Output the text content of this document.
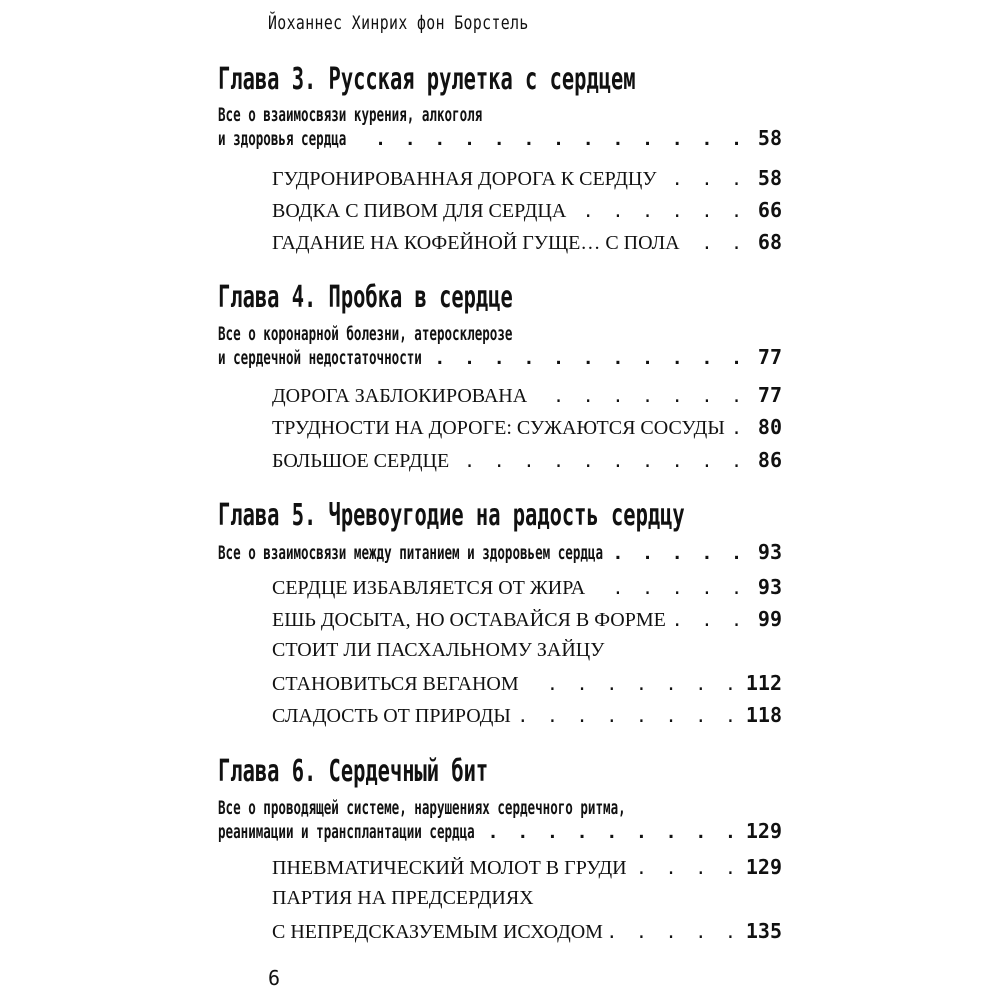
Йоханнес Хинрих фон Борстель
Глава 3. Русская рулетка с сердцем
Все о взаимосвязи курения, алкоголя
и здоровья сердца . . .	58
ГУДРОНИРОВАННАЯ ДОРОГА К СЕРДЦУ . . .	58
ВОДКА С ПИВОМ ДЛЯ СЕРДЦА . . .	66
ГАДАНИЕ НА КОФЕЙНОЙ ГУЩЕ… С ПОЛА . . .	68
Глава 4. Пробка в сердце
Все о коронарной болезни, атеросклерозе
и сердечной недостаточности . . .	77
ДОРОГА ЗАБЛОКИРОВАНА . . .	77
ТРУДНОСТИ НА ДОРОГЕ: СУЖАЮТСЯ СОСУДЫ . . . 80
БОЛЬШОЕ СЕРДЦЕ . . .	86
Глава 5. Чревоугодие на радость сердцу
Все о взаимосвязи между питанием и здоровьем сердца . . .	93
СЕРДЦЕ ИЗБАВЛЯЕТСЯ ОТ ЖИРА . . .	93
ЕШЬ ДОСЫТА, НО ОСТАВАЙСЯ В ФОРМЕ . . .	99
СТОИТ ЛИ ПАСХАЛЬНОМУ ЗАЙЦУ
СТАНОВИТЬСЯ ВЕГАНОМ . . .	112
СЛАДОСТЬ ОТ ПРИРОДЫ . . .	118
Глава 6. Сердечный бит
Все о проводящей системе, нарушениях сердечного ритма,
реанимации и трансплантации сердца . . .	129
ПНЕВМАТИЧЕСКИЙ МОЛОТ В ГРУДИ . . .	129
ПАРТИЯ НА ПРЕДСЕРДИЯХ
С НЕПРЕДСКАЗУЕМЫМ ИСХОДОМ . . .	135
6
